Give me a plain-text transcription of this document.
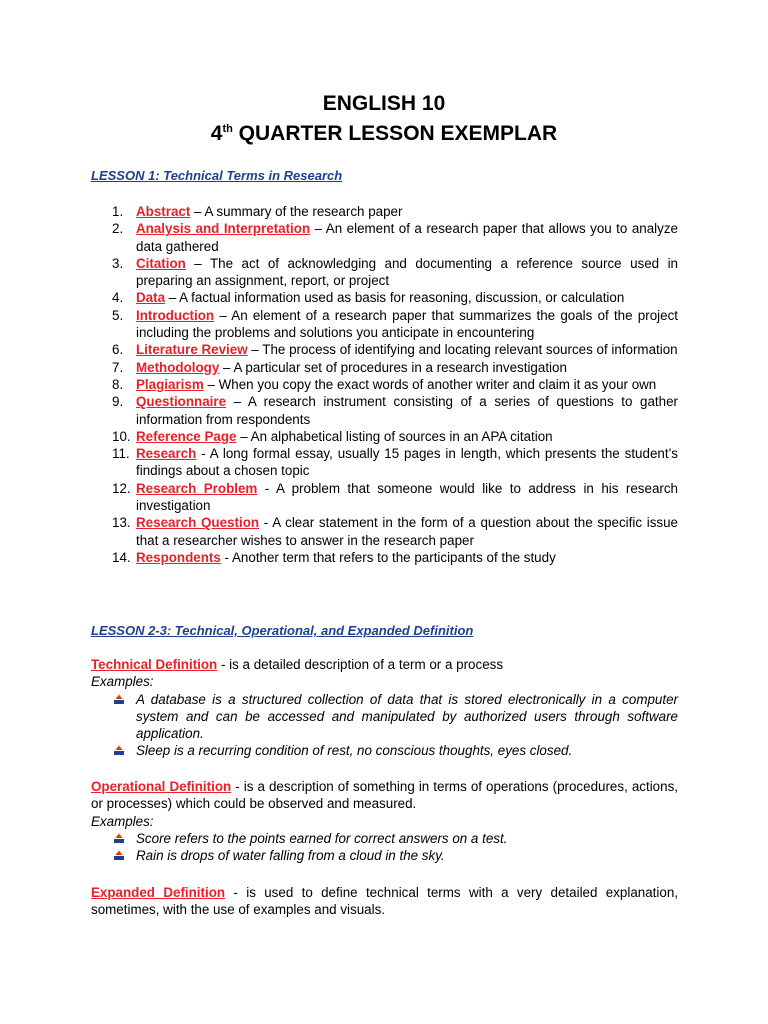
ENGLISH 10
4th QUARTER LESSON EXEMPLAR
LESSON 1: Technical Terms in Research
1. Abstract – A summary of the research paper
2. Analysis and Interpretation – An element of a research paper that allows you to analyze data gathered
3. Citation – The act of acknowledging and documenting a reference source used in preparing an assignment, report, or project
4. Data – A factual information used as basis for reasoning, discussion, or calculation
5. Introduction – An element of a research paper that summarizes the goals of the project including the problems and solutions you anticipate in encountering
6. Literature Review – The process of identifying and locating relevant sources of information
7. Methodology – A particular set of procedures in a research investigation
8. Plagiarism – When you copy the exact words of another writer and claim it as your own
9. Questionnaire – A research instrument consisting of a series of questions to gather information from respondents
10. Reference Page – An alphabetical listing of sources in an APA citation
11. Research - A long formal essay, usually 15 pages in length, which presents the student’s findings about a chosen topic
12. Research Problem - A problem that someone would like to address in his research investigation
13. Research Question - A clear statement in the form of a question about the specific issue that a researcher wishes to answer in the research paper
14. Respondents - Another term that refers to the participants of the study
LESSON 2-3: Technical, Operational, and Expanded Definition
Technical Definition - is a detailed description of a term or a process
Examples:
A database is a structured collection of data that is stored electronically in a computer system and can be accessed and manipulated by authorized users through software application.
Sleep is a recurring condition of rest, no conscious thoughts, eyes closed.
Operational Definition - is a description of something in terms of operations (procedures, actions, or processes) which could be observed and measured.
Examples:
Score refers to the points earned for correct answers on a test.
Rain is drops of water falling from a cloud in the sky.
Expanded Definition - is used to define technical terms with a very detailed explanation, sometimes, with the use of examples and visuals.
